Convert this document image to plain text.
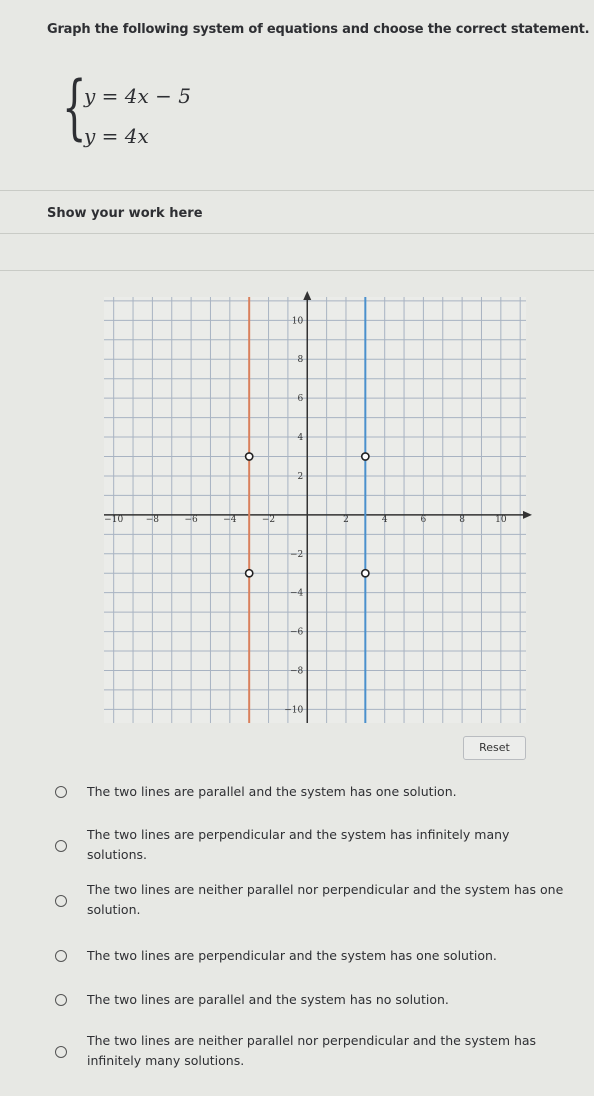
Graph the following system of equations and choose the correct statement.
{
y = 4x − 5
y = 4x
Show your work here
−10	−8	−6	−4	−2	2	4	6	8	10
10
8
6
4
2
−2
−4
−6
−8
−10
Reset
The two lines are parallel and the system has one solution.
The two lines are perpendicular and the system has infinitely many solutions.
The two lines are neither parallel nor perpendicular and the system has one solution.
The two lines are perpendicular and the system has one solution.
The two lines are parallel and the system has no solution.
The two lines are neither parallel nor perpendicular and the system has infinitely many solutions.
